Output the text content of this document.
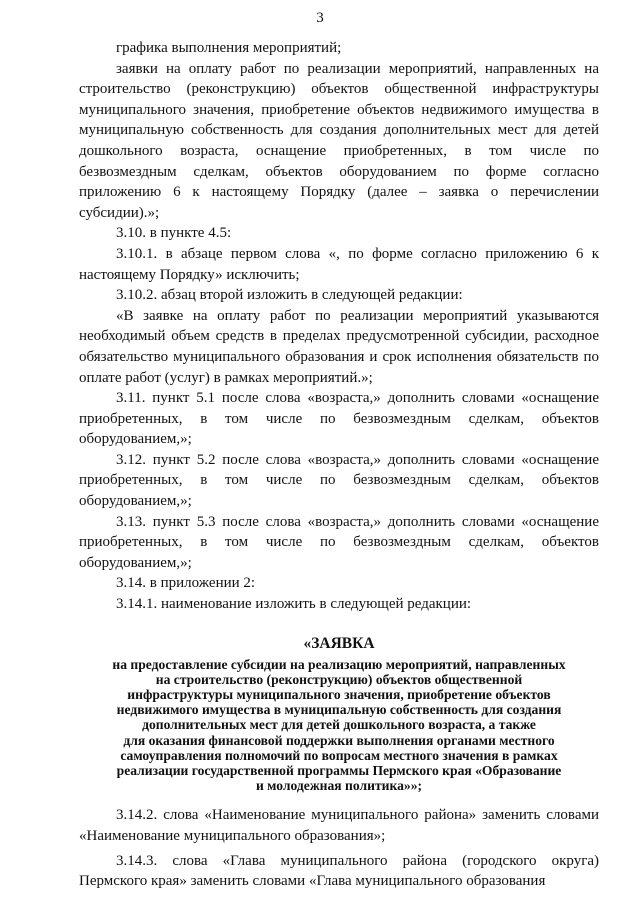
3

графика выполнения мероприятий;

заявки на оплату работ по реализации мероприятий, направленных на строительство (реконструкцию) объектов общественной инфраструктуры муниципального значения, приобретение объектов недвижимого имущества в муниципальную собственность для создания дополнительных мест для детей дошкольного возраста, оснащение приобретенных, в том числе по безвозмездным сделкам, объектов оборудованием по форме согласно приложению 6 к настоящему Порядку (далее – заявка о перечислении субсидии).»;

3.10. в пункте 4.5:

3.10.1. в абзаце первом слова «, по форме согласно приложению 6 к настоящему Порядку» исключить;

3.10.2. абзац второй изложить в следующей редакции:

«В заявке на оплату работ по реализации мероприятий указываются необходимый объем средств в пределах предусмотренной субсидии, расходное обязательство муниципального образования и срок исполнения обязательств по оплате работ (услуг) в рамках мероприятий.»;

3.11. пункт 5.1 после слова «возраста,» дополнить словами «оснащение приобретенных, в том числе по безвозмездным сделкам, объектов оборудованием,»;

3.12. пункт 5.2 после слова «возраста,» дополнить словами «оснащение приобретенных, в том числе по безвозмездным сделкам, объектов оборудованием,»;

3.13. пункт 5.3 после слова «возраста,» дополнить словами «оснащение приобретенных, в том числе по безвозмездным сделкам, объектов оборудованием,»;

3.14. в приложении 2:

3.14.1. наименование изложить в следующей редакции:

«ЗАЯВКА

на предоставление субсидии на реализацию мероприятий, направленных

на строительство (реконструкцию) объектов общественной

инфраструктуры муниципального значения, приобретение объектов

недвижимого имущества в муниципальную собственность для создания

дополнительных мест для детей дошкольного возраста, а также

для оказания финансовой поддержки выполнения органами местного

самоуправления полномочий по вопросам местного значения в рамках

реализации государственной программы Пермского края «Образование

и молодежная политика»»;

3.14.2. слова «Наименование муниципального района» заменить словами «Наименование муниципального образования»;

3.14.3. слова «Глава муниципального района (городского округа) Пермского края» заменить словами «Глава муниципального образования
